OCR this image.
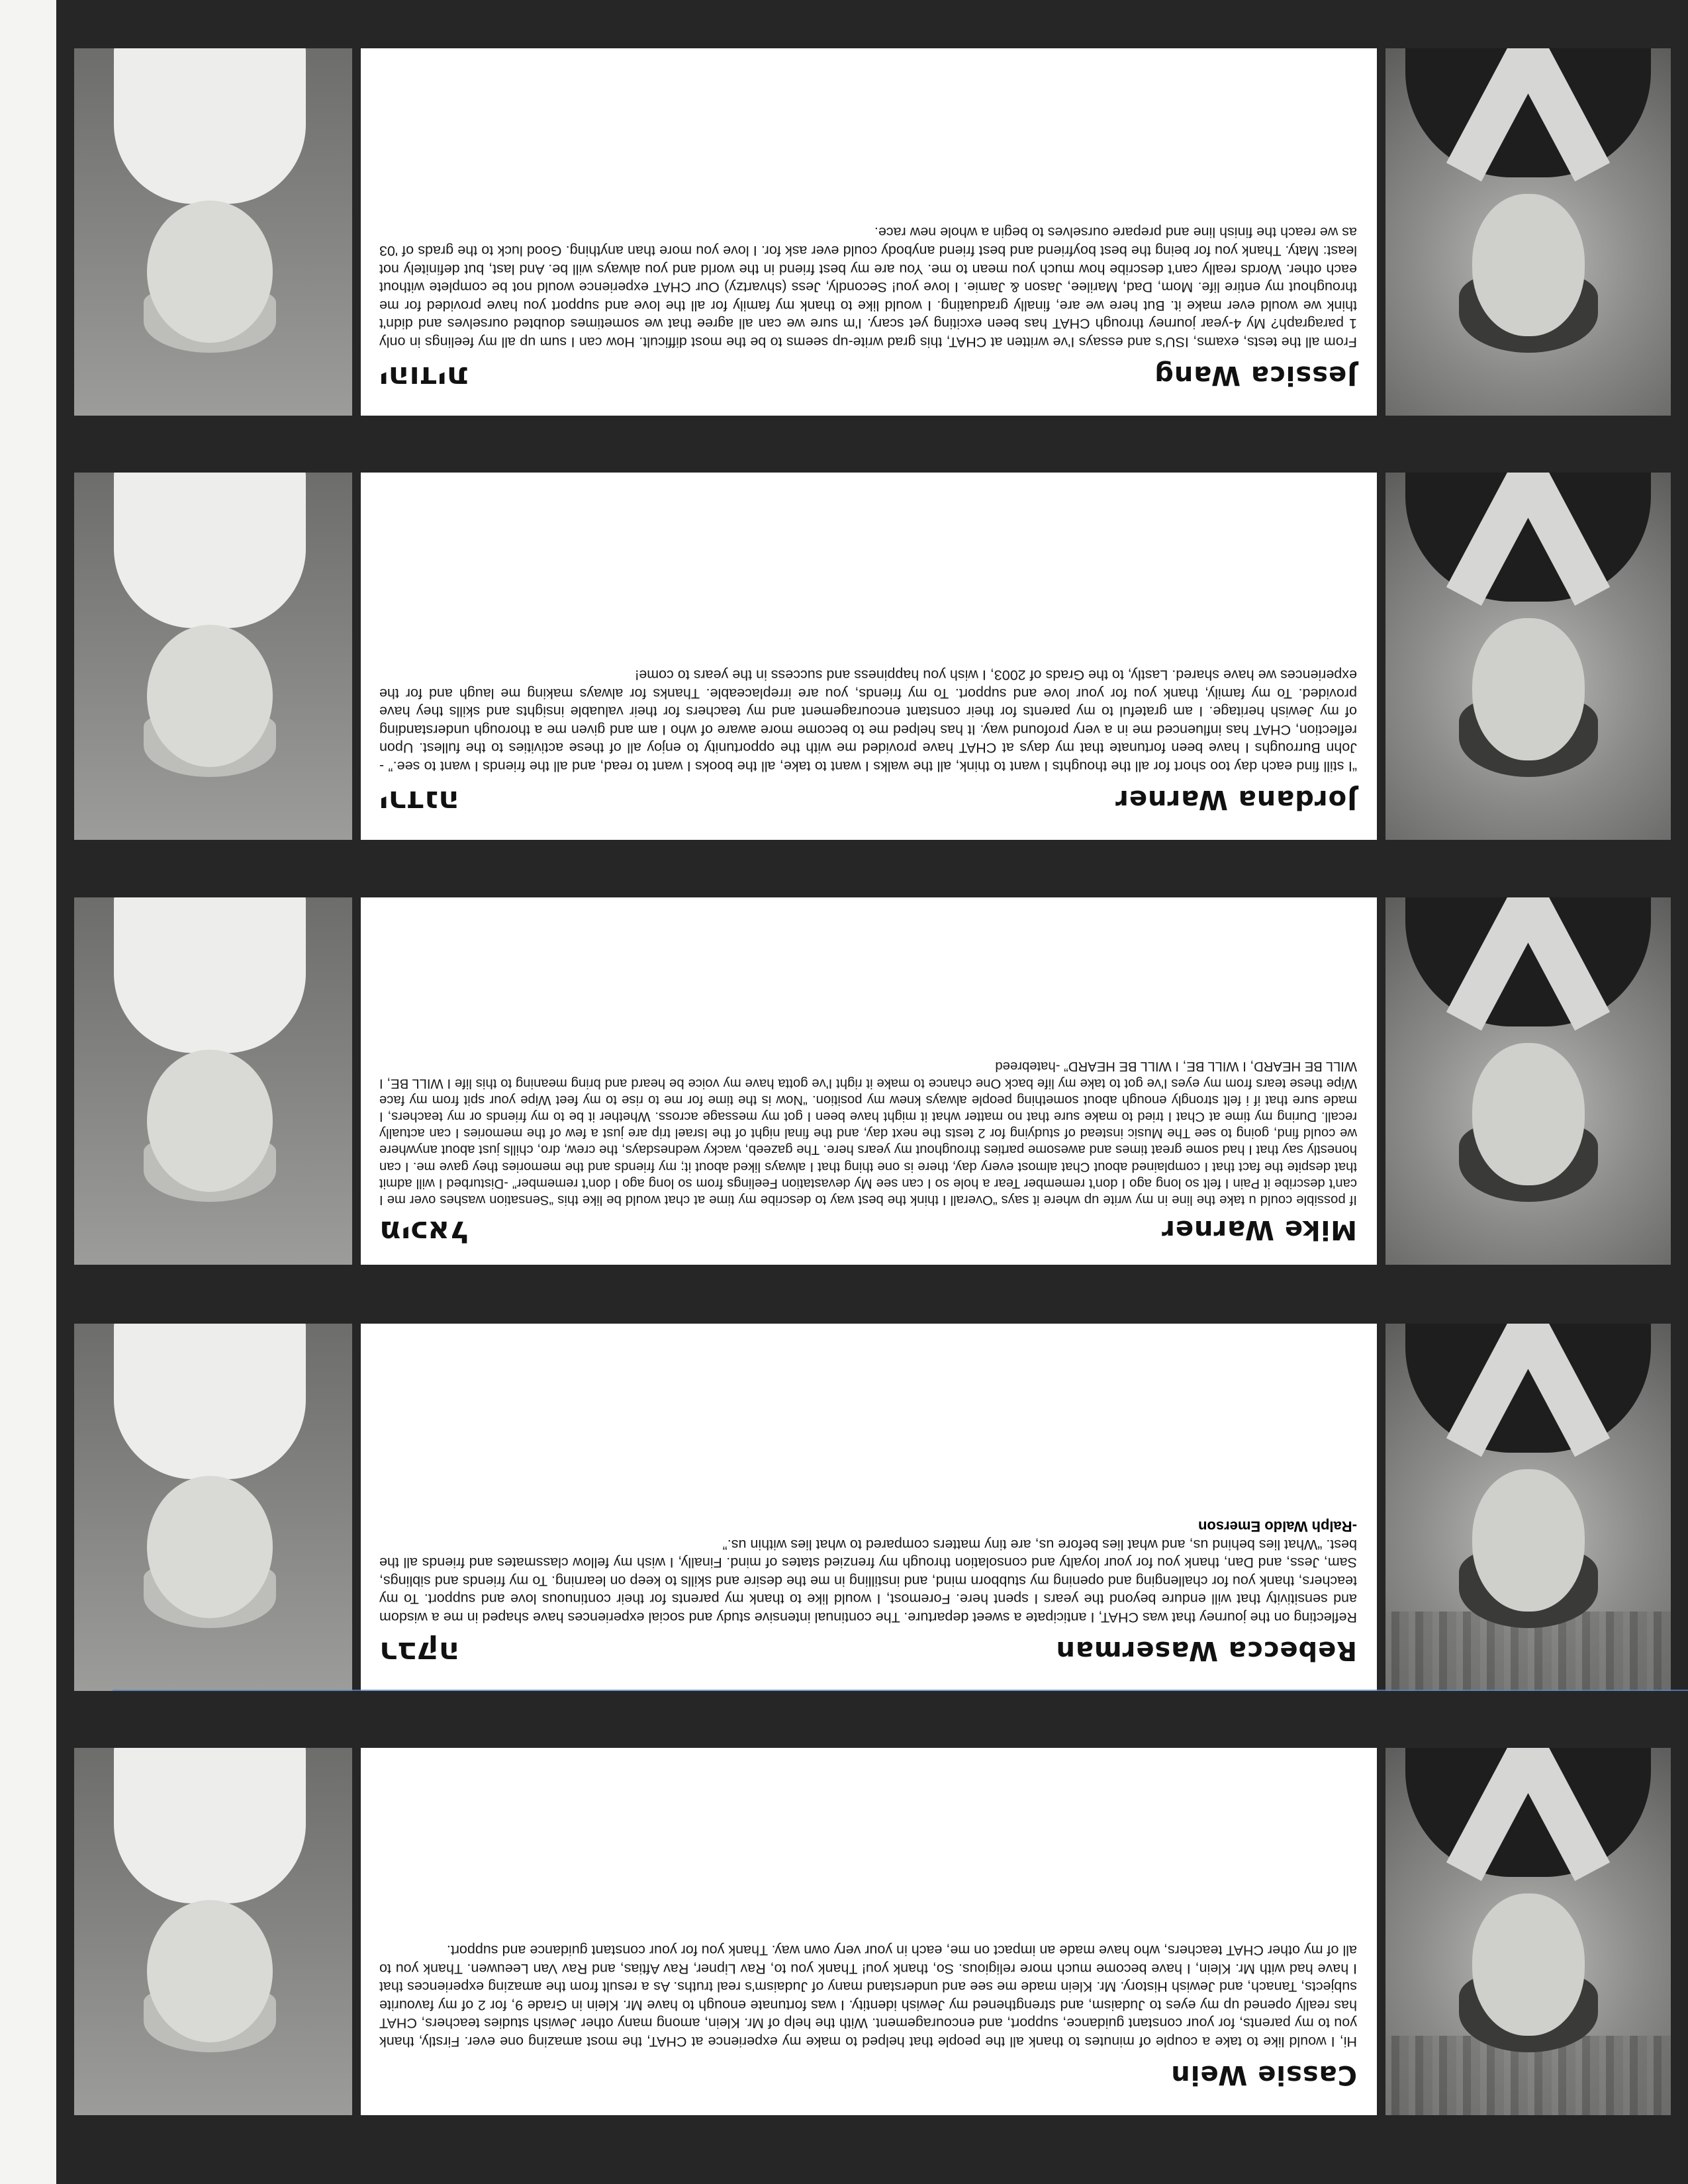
Cassie Wein
Hi, I would like to take a couple of minutes to thank all the people that helped to make my experience at CHAT, the most amazing one ever. Firstly, thank you to my parents, for your constant guidance, support, and encouragement. With the help of Mr. Klein, among many other Jewish studies teachers, CHAT has really opened up my eyes to Judaism, and strengthened my Jewish identity. I was fortunate enough to have Mr. Klein in Grade 9, for 2 of my favourite subjects, Tanach, and Jewish History. Mr. Klein made me see and understand many of Judaism's real truths. As a result from the amazing experiences that I have had with Mr. Klein, I have become much more religious. So, thank you! Thank you to, Rav Lipner, Rav Aftias, and Rav Van Leeuwen. Thank you to all of my other CHAT teachers, who have made an impact on me, each in your very own way. Thank you for your constant guidance and support.
Rebecca Waserman
רבקה
Reflecting on the journey that was CHAT, I anticipate a sweet departure. The continual intensive study and social experiences have shaped in me a wisdom and sensitivity that will endure beyond the years I spent here. Foremost, I would like to thank my parents for their continuous love and support. To my teachers, thank you for challenging and opening my stubborn mind, and instilling in me the desire and skills to keep on learning. To my friends and siblings, Sam, Jess, and Dan, thank you for your loyalty and consolation through my frenzied states of mind. Finally, I wish my fellow classmates and friends all the best. “What lies behind us, and what lies before us, are tiny matters compared to what lies within us.”
-Ralph Waldo Emerson
Mike Warner
מיכאל
If possible could u take the line in my write up where it says “Overall I think the best way to describe my time at chat would be like this “Sensation washes over me I can't describe it Pain I felt so long ago I don't remember Tear a hole so I can see My devastation Feelings from so long ago I don't remember” -Disturbed I will admit that despite the fact that I complained about Chat almost every day, there is one thing that I always liked about it; my friends and the memories they gave me. I can honestly say that I had some great times and awesome parties throughout my years here. The gazeeb, wacky wednesdays, the crew, dro, chills just about anywhere we could find, going to see The Music instead of studying for 2 tests the next day, and the final night of the Israel trip are just a few of the memories I can actually recall. During my time at Chat I tried to make sure that no matter what it might have been I got my message across. Whether it be to my friends or my teachers, I made sure that if i felt strongly enough about something people always knew my position. “Now is the time for me to rise to my feet Wipe your spit from my face Wipe these tears from my eyes I've got to take my life back One chance to make it right I've gotta have my voice be heard and bring meaning to this life I WILL BE, I WILL BE HEARD, I WILL BE, I WILL BE HEARD” -hatebreed
Jordana Warner
ירדנה
“I still find each day too short for all the thoughts I want to think, all the walks I want to take, all the books I want to read, and all the friends I want to see.” - John Burroughs I have been fortunate that my days at CHAT have provided me with the opportunity to enjoy all of these activities to the fullest. Upon reflection, CHAT has influenced me in a very profound way. It has helped me to become more aware of who I am and given me a thorough understanding of my Jewish heritage. I am grateful to my parents for their constant encouragement and my teachers for their valuable insights and skills they have provided. To my family, thank you for your love and support. To my friends, you are irreplaceable. Thanks for always making me laugh and for the experiences we have shared. Lastly, to the Grads of 2003, I wish you happiness and success in the years to come!
Jessica Wang
יהודית
From all the tests, exams, ISU's and essays I've written at CHAT, this grad write-up seems to be the most difficult. How can I sum up all my feelings in only 1 paragraph? My 4-year journey through CHAT has been exciting yet scary. I'm sure we can all agree that we sometimes doubted ourselves and didn't think we would ever make it. But here we are, finally graduating. I would like to thank my family for all the love and support you have provided for me throughout my entire life. Mom, Dad, Marilee, Jason & Jamie. I love you! Secondly, Jess (shvartzy) Our CHAT experience would not be complete without each other. Words really can't describe how much you mean to me. You are my best friend in the world and you always will be. And last, but definitely not least: Maty. Thank you for being the best boyfriend and best friend anybody could ever ask for. I love you more than anything. Good luck to the grads of '03 as we reach the finish line and prepare ourselves to begin a whole new race.
